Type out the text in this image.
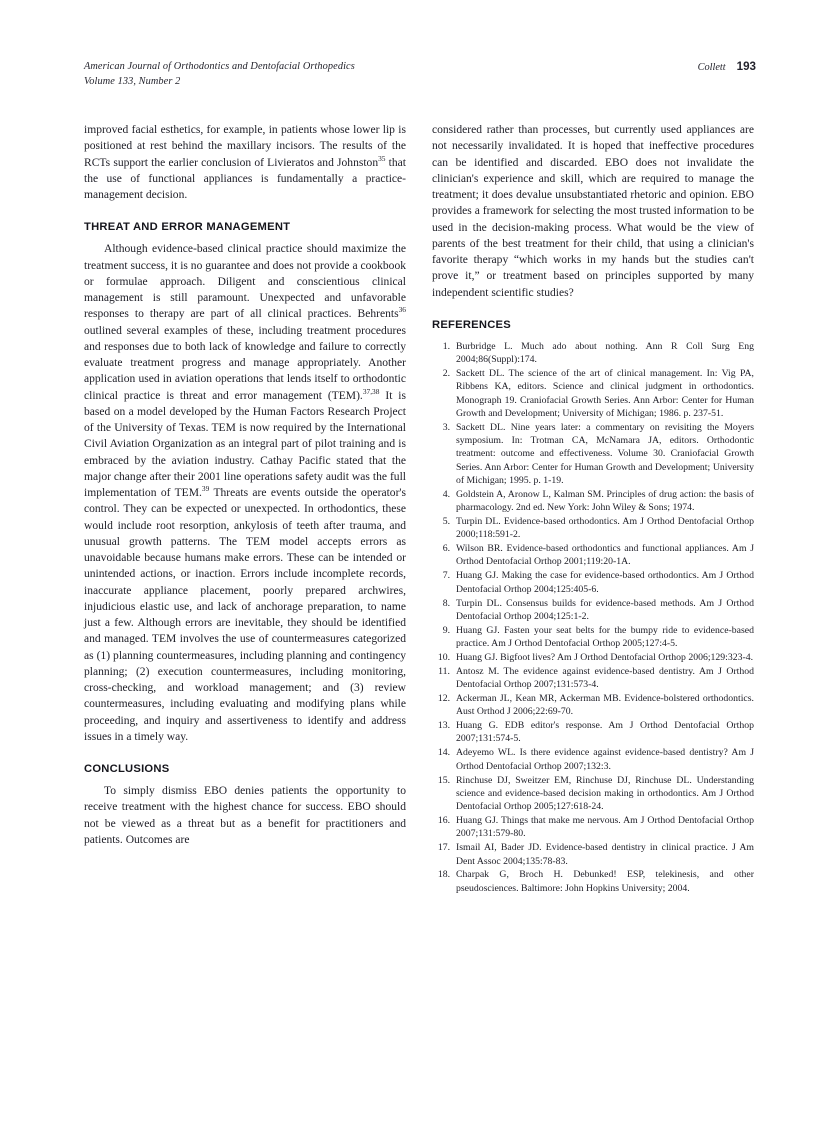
American Journal of Orthodontics and Dentofacial Orthopedics
Volume 133, Number 2
Collett 193

improved facial esthetics, for example, in patients whose lower lip is positioned at rest behind the maxillary incisors. The results of the RCTs support the earlier conclusion of Livieratos and Johnston$^{35}$ that the use of functional appliances is fundamentally a practice-management decision.

THREAT AND ERROR MANAGEMENT

Although evidence-based clinical practice should maximize the treatment success, it is no guarantee and does not provide a cookbook or formulae approach. Diligent and conscientious clinical management is still paramount. Unexpected and unfavorable responses to therapy are part of all clinical practices. Behrents$^{36}$ outlined several examples of these, including treatment procedures and responses due to both lack of knowledge and failure to correctly evaluate treatment progress and manage appropriately. Another application used in aviation operations that lends itself to orthodontic clinical practice is threat and error management (TEM).$^{37,38}$ It is based on a model developed by the Human Factors Research Project of the University of Texas. TEM is now required by the International Civil Aviation Organization as an integral part of pilot training and is embraced by the aviation industry. Cathay Pacific stated that the major change after their 2001 line operations safety audit was the full implementation of TEM.$^{39}$ Threats are events outside the operator's control. They can be expected or unexpected. In orthodontics, these would include root resorption, ankylosis of teeth after trauma, and unusual growth patterns. The TEM model accepts errors as unavoidable because humans make errors. These can be intended or unintended actions, or inaction. Errors include incomplete records, inaccurate appliance placement, poorly prepared archwires, injudicious elastic use, and lack of anchorage preparation, to name just a few. Although errors are inevitable, they should be identified and managed. TEM involves the use of countermeasures categorized as (1) planning countermeasures, including planning and contingency planning; (2) execution countermeasures, including monitoring, cross-checking, and workload management; and (3) review countermeasures, including evaluating and modifying plans while proceeding, and inquiry and assertiveness to identify and address issues in a timely way.

CONCLUSIONS

To simply dismiss EBO denies patients the opportunity to receive treatment with the highest chance for success. EBO should not be viewed as a threat but as a benefit for practitioners and patients. Outcomes are

considered rather than processes, but currently used appliances are not necessarily invalidated. It is hoped that ineffective procedures can be identified and discarded. EBO does not invalidate the clinician's experience and skill, which are required to manage the treatment; it does devalue unsubstantiated rhetoric and opinion. EBO provides a framework for selecting the most trusted information to be used in the decision-making process. What would be the view of parents of the best treatment for their child, that using a clinician's favorite therapy “which works in my hands but the studies can't prove it,” or treatment based on principles supported by many independent scientific studies?

REFERENCES
1. Burbridge L. Much ado about nothing. Ann R Coll Surg Eng 2004;86(Suppl):174.
2. Sackett DL. The science of the art of clinical management. In: Vig PA, Ribbens KA, editors. Science and clinical judgment in orthodontics. Monograph 19. Craniofacial Growth Series. Ann Arbor: Center for Human Growth and Development; University of Michigan; 1986. p. 237-51.
3. Sackett DL. Nine years later: a commentary on revisiting the Moyers symposium. In: Trotman CA, McNamara JA, editors. Orthodontic treatment: outcome and effectiveness. Volume 30. Craniofacial Growth Series. Ann Arbor: Center for Human Growth and Development; University of Michigan; 1995. p. 1-19.
4. Goldstein A, Aronow L, Kalman SM. Principles of drug action: the basis of pharmacology. 2nd ed. New York: John Wiley & Sons; 1974.
5. Turpin DL. Evidence-based orthodontics. Am J Orthod Dentofacial Orthop 2000;118:591-2.
6. Wilson BR. Evidence-based orthodontics and functional appliances. Am J Orthod Dentofacial Orthop 2001;119:20-1A.
7. Huang GJ. Making the case for evidence-based orthodontics. Am J Orthod Dentofacial Orthop 2004;125:405-6.
8. Turpin DL. Consensus builds for evidence-based methods. Am J Orthod Dentofacial Orthop 2004;125:1-2.
9. Huang GJ. Fasten your seat belts for the bumpy ride to evidence-based practice. Am J Orthod Dentofacial Orthop 2005;127:4-5.
10. Huang GJ. Bigfoot lives? Am J Orthod Dentofacial Orthop 2006;129:323-4.
11. Antosz M. The evidence against evidence-based dentistry. Am J Orthod Dentofacial Orthop 2007;131:573-4.
12. Ackerman JL, Kean MR, Ackerman MB. Evidence-bolstered orthodontics. Aust Orthod J 2006;22:69-70.
13. Huang G. EDB editor's response. Am J Orthod Dentofacial Orthop 2007;131:574-5.
14. Adeyemo WL. Is there evidence against evidence-based dentistry? Am J Orthod Dentofacial Orthop 2007;132:3.
15. Rinchuse DJ, Sweitzer EM, Rinchuse DJ, Rinchuse DL. Understanding science and evidence-based decision making in orthodontics. Am J Orthod Dentofacial Orthop 2005;127:618-24.
16. Huang GJ. Things that make me nervous. Am J Orthod Dentofacial Orthop 2007;131:579-80.
17. Ismail AI, Bader JD. Evidence-based dentistry in clinical practice. J Am Dent Assoc 2004;135:78-83.
18. Charpak G, Broch H. Debunked! ESP, telekinesis, and other pseudosciences. Baltimore: John Hopkins University; 2004.
